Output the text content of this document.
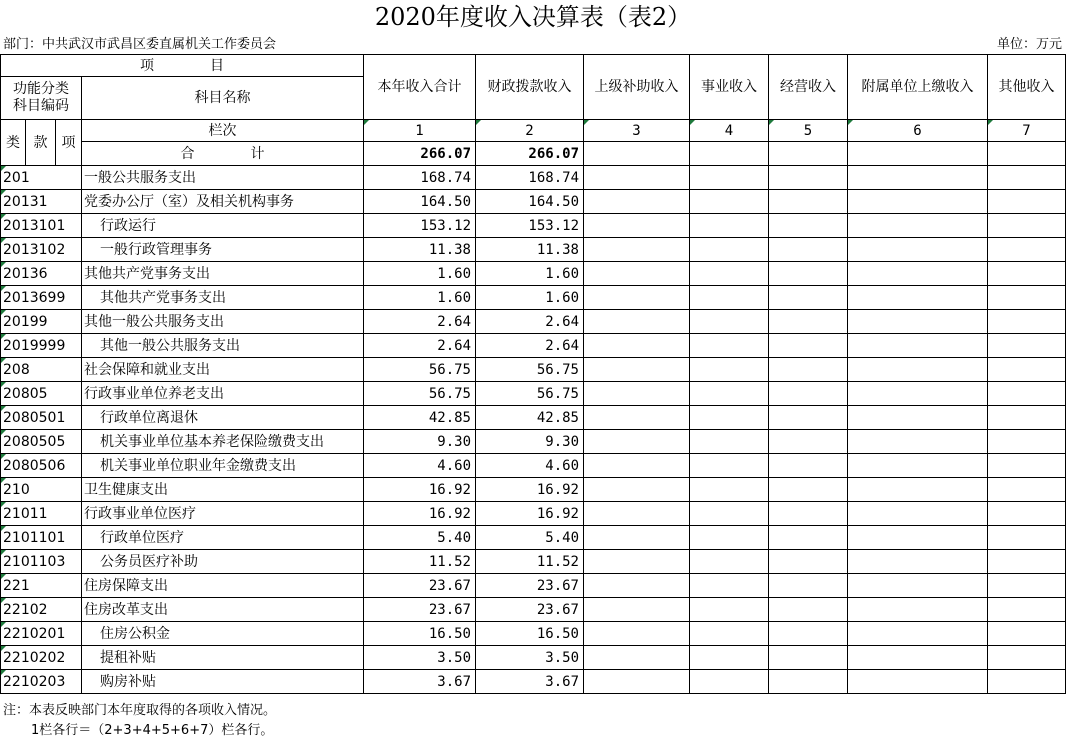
2020年度收入决算表（表2）
部门：中共武汉市武昌区委直属机关工作委员会	单位：万元
项　　　　目				本年收入合计	财政拨款收入	上级补助收入	事业收入	经营收入	附属单位上缴收入	其他收入
功能分类科目编码			科目名称							
类	款	项	栏次	1	2	3	4	5	6	7
			合　　　　计	266.07	266.07					
201			一般公共服务支出	168.74	168.74					
20131			党委办公厅（室）及相关机构事务	164.50	164.50					
2013101			行政运行	153.12	153.12					
2013102			一般行政管理事务	11.38	11.38					
20136			其他共产党事务支出	1.60	1.60					
2013699			其他共产党事务支出	1.60	1.60					
20199			其他一般公共服务支出	2.64	2.64					
2019999			其他一般公共服务支出	2.64	2.64					
208			社会保障和就业支出	56.75	56.75					
20805			行政事业单位养老支出	56.75	56.75					
2080501			行政单位离退休	42.85	42.85					
2080505			机关事业单位基本养老保险缴费支出	9.30	9.30					
2080506			机关事业单位职业年金缴费支出	4.60	4.60					
210			卫生健康支出	16.92	16.92					
21011			行政事业单位医疗	16.92	16.92					
2101101			行政单位医疗	5.40	5.40					
2101103			公务员医疗补助	11.52	11.52					
221			住房保障支出	23.67	23.67					
22102			住房改革支出	23.67	23.67					
2210201			住房公积金	16.50	16.50					
2210202			提租补贴	3.50	3.50					
2210203			购房补贴	3.67	3.67					
注：本表反映部门本年度取得的各项收入情况。
1栏各行＝（2+3+4+5+6+7）栏各行。
